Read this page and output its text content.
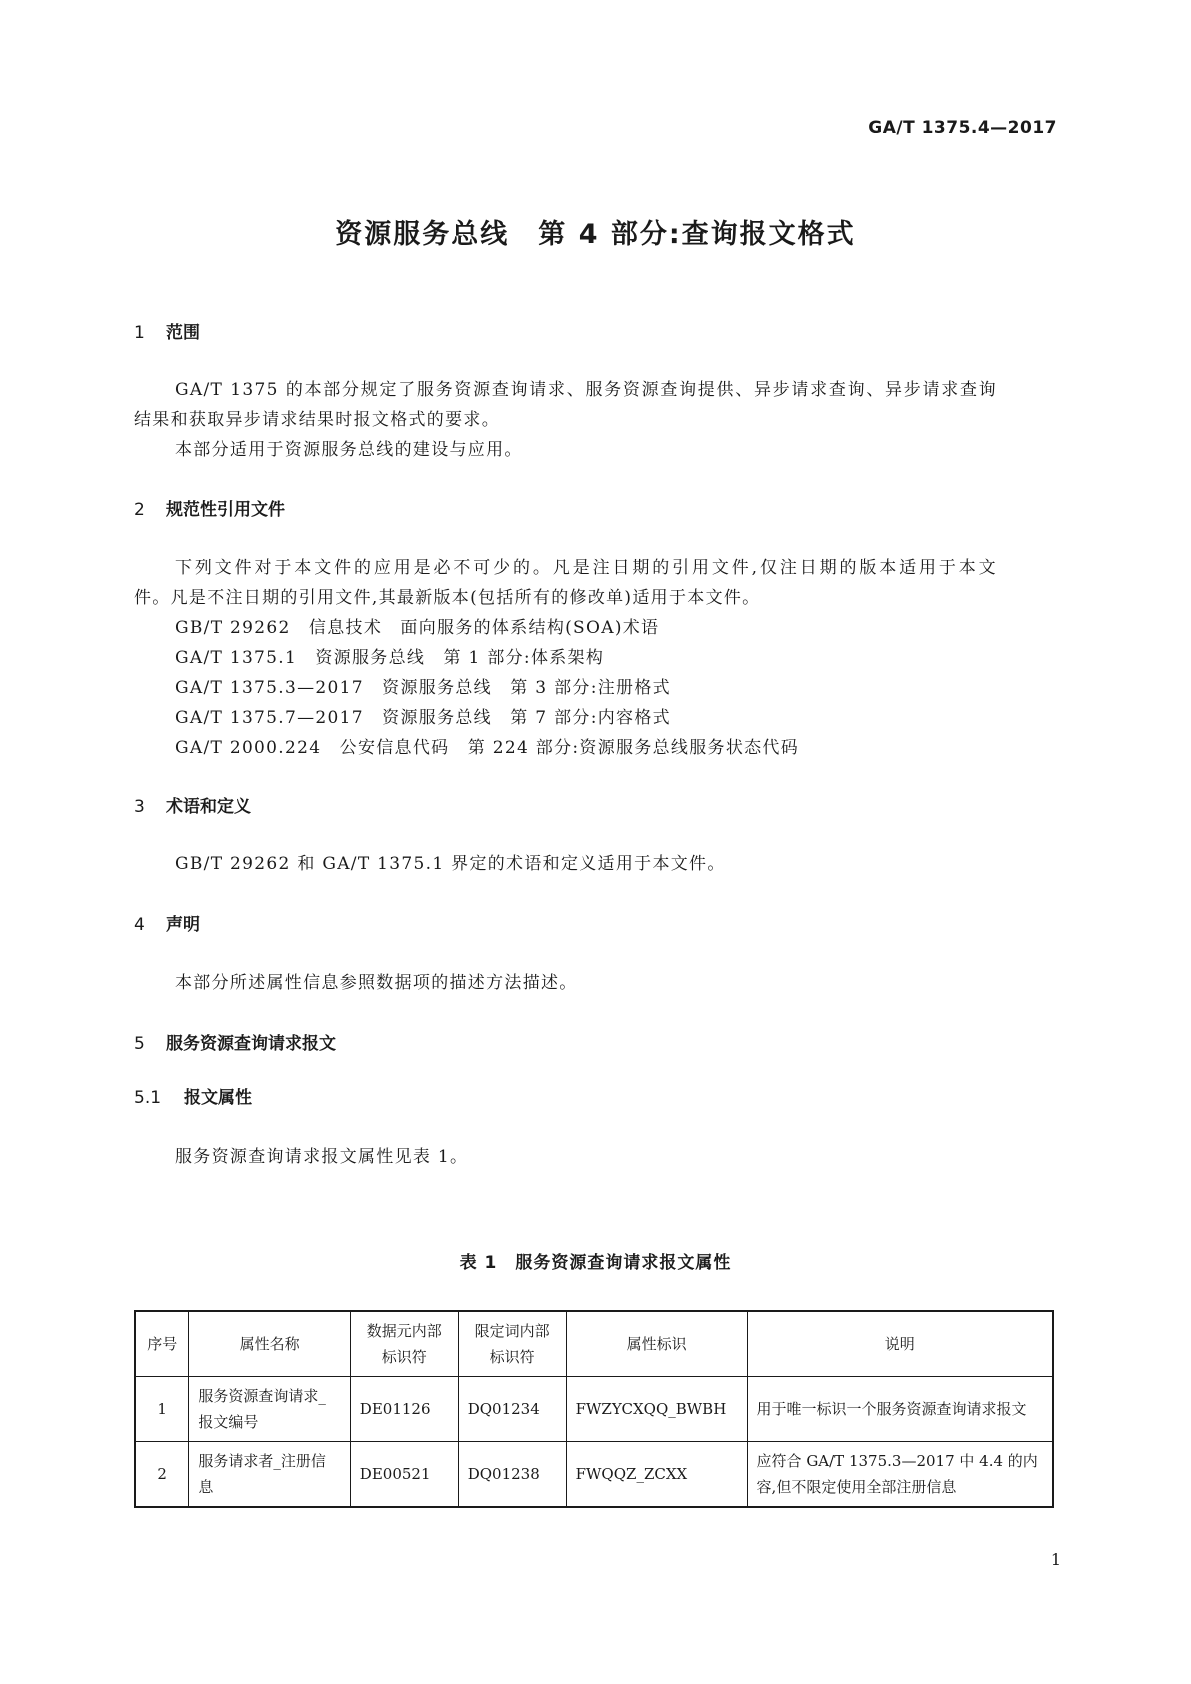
GA/T 1375.4—2017
资源服务总线　第 4 部分:查询报文格式
1 范围
GA/T 1375 的本部分规定了服务资源查询请求、服务资源查询提供、异步请求查询、异步请求查询
结果和获取异步请求结果时报文格式的要求。
本部分适用于资源服务总线的建设与应用。
2 规范性引用文件
下列文件对于本文件的应用是必不可少的。凡是注日期的引用文件,仅注日期的版本适用于本文
件。凡是不注日期的引用文件,其最新版本(包括所有的修改单)适用于本文件。
GB/T 29262　信息技术　面向服务的体系结构(SOA)术语
GA/T 1375.1　资源服务总线　第 1 部分:体系架构
GA/T 1375.3—2017　资源服务总线　第 3 部分:注册格式
GA/T 1375.7—2017　资源服务总线　第 7 部分:内容格式
GA/T 2000.224　公安信息代码　第 224 部分:资源服务总线服务状态代码
3 术语和定义
GB/T 29262 和 GA/T 1375.1 界定的术语和定义适用于本文件。
4 声明
本部分所述属性信息参照数据项的描述方法描述。
5 服务资源查询请求报文
5.1 报文属性
服务资源查询请求报文属性见表 1。
表 1　服务资源查询请求报文属性
序号	属性名称	数据元内部标识符	限定词内部标识符	属性标识	说明
1	服务资源查询请求_报文编号	DE01126	DQ01234	FWZYCXQQ_BWBH	用于唯一标识一个服务资源查询请求报文
2	服务请求者_注册信息	DE00521	DQ01238	FWQQZ_ZCXX	应符合 GA/T 1375.3—2017 中 4.4 的内容,但不限定使用全部注册信息
1
